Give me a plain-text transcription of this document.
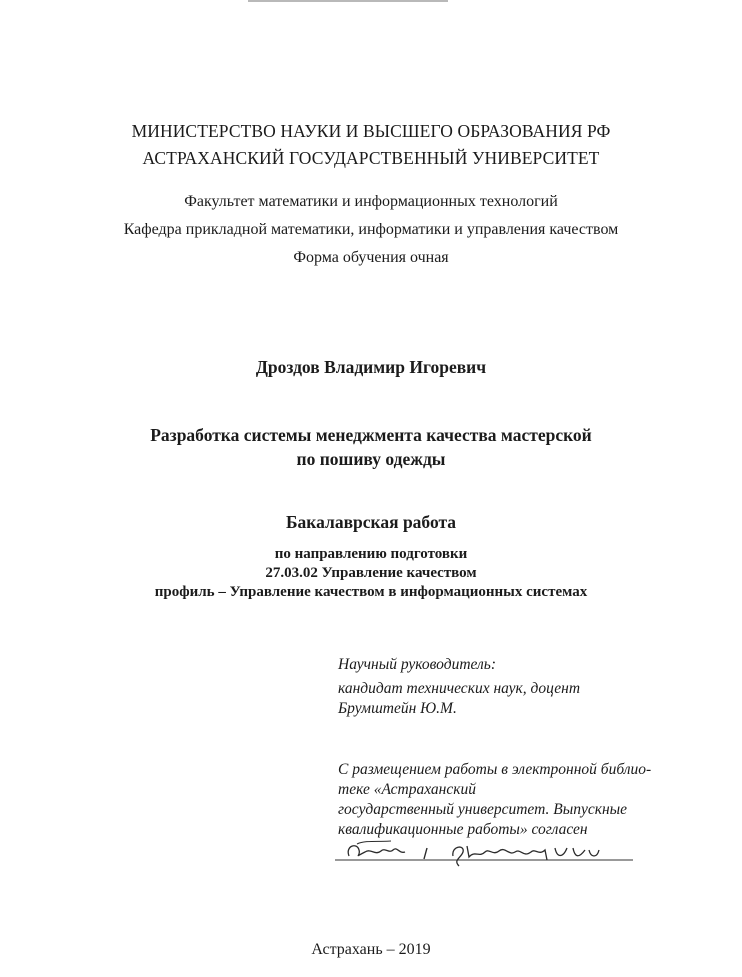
МИНИСТЕРСТВО НАУКИ И ВЫСШЕГО ОБРАЗОВАНИЯ РФ
АСТРАХАНСКИЙ ГОСУДАРСТВЕННЫЙ УНИВЕРСИТЕТ
Факультет математики и информационных технологий
Кафедра прикладной математики, информатики и управления качеством
Форма обучения очная
Дроздов Владимир Игоревич
Разработка системы менеджмента качества мастерской
по пошиву одежды
Бакалаврская работа
по направлению подготовки
27.03.02 Управление качеством
профиль – Управление качеством в информационных системах
Научный руководитель:
кандидат технических наук, доцент
Брумштейн Ю.М.
С размещением работы в электронной библио-
теке «Астраханский
государственный университет. Выпускные
квалификационные работы» согласен
Астрахань – 2019
